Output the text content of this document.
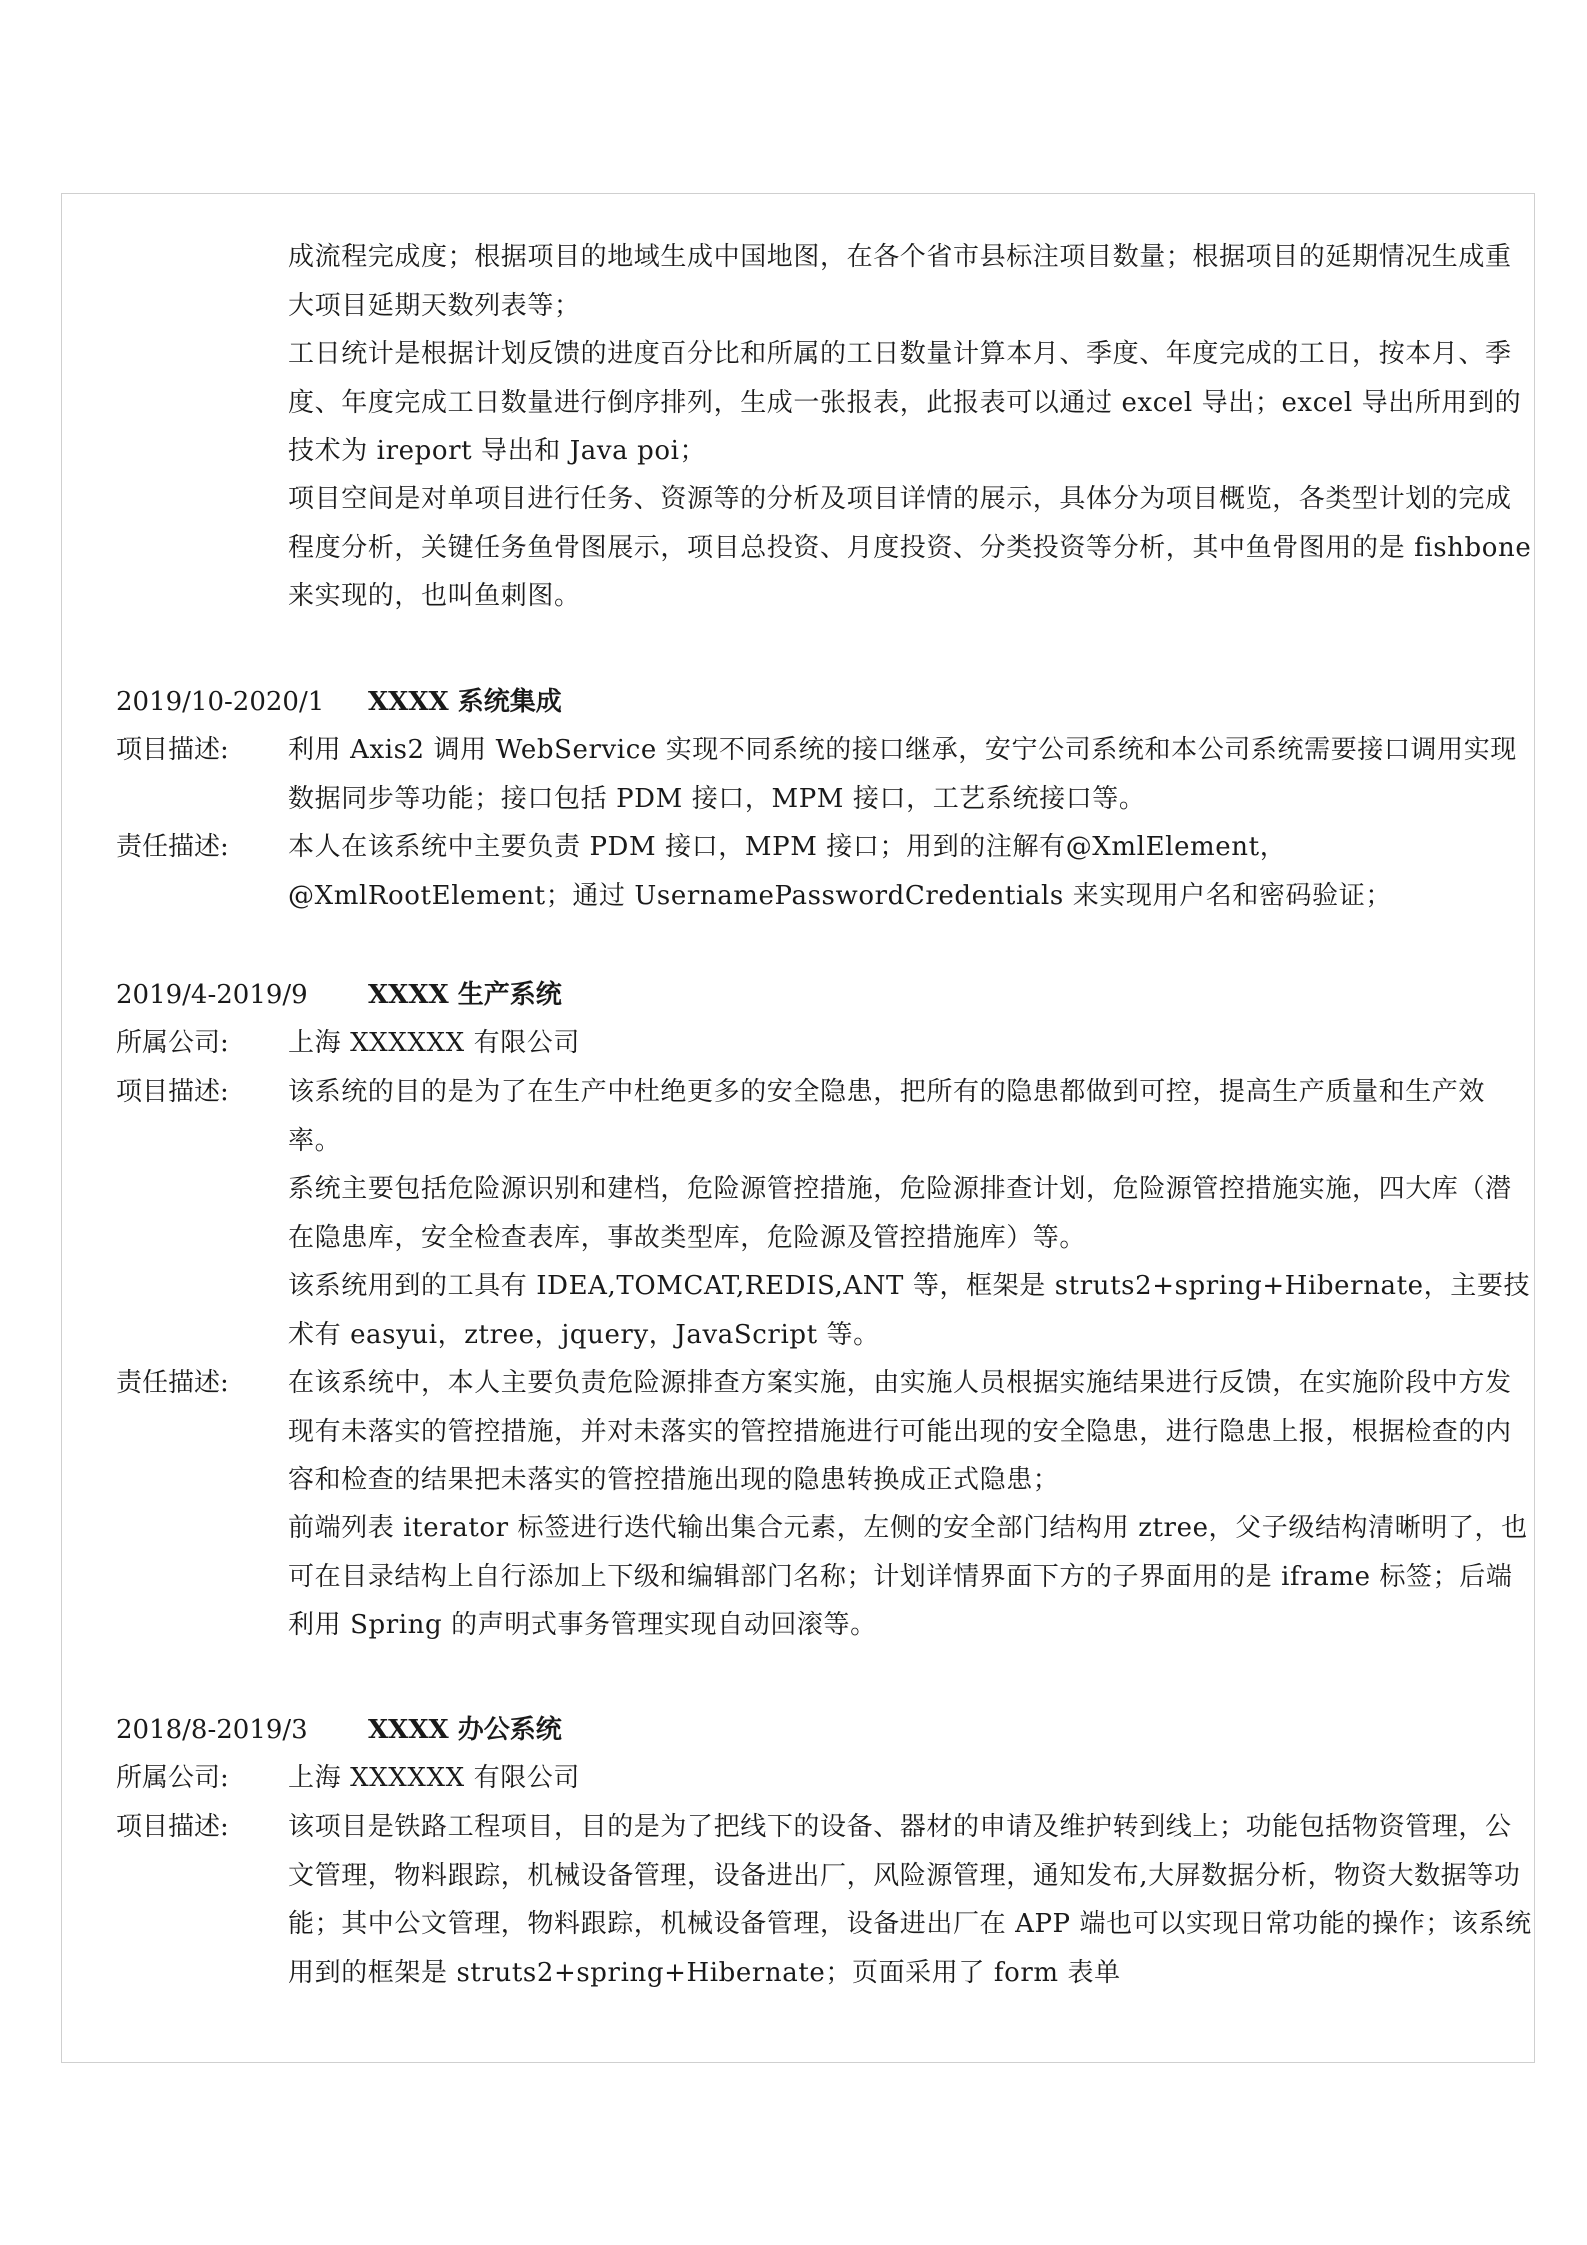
成流程完成度；根据项目的地域生成中国地图，在各个省市县标注项目数量；根据项目的延期情况生成重大项目延期天数列表等；
工日统计是根据计划反馈的进度百分比和所属的工日数量计算本月、季度、年度完成的工日，按本月、季度、年度完成工日数量进行倒序排列，生成一张报表，此报表可以通过 excel 导出；excel 导出所用到的技术为 ireport 导出和 Java poi；
项目空间是对单项目进行任务、资源等的分析及项目详情的展示，具体分为项目概览，各类型计划的完成程度分析，关键任务鱼骨图展示，项目总投资、月度投资、分类投资等分析，其中鱼骨图用的是 fishbone 来实现的，也叫鱼刺图。
2019/10-2020/1 XXXX 系统集成
项目描述: 利用 Axis2 调用 WebService 实现不同系统的接口继承，安宁公司系统和本公司系统需要接口调用实现数据同步等功能；接口包括 PDM 接口，MPM 接口，工艺系统接口等。
责任描述: 本人在该系统中主要负责 PDM 接口，MPM 接口；用到的注解有@XmlElement，@XmlRootElement；通过 UsernamePasswordCredentials 来实现用户名和密码验证；
2019/4-2019/9 XXXX 生产系统
所属公司: 上海 XXXXXX 有限公司
项目描述: 该系统的目的是为了在生产中杜绝更多的安全隐患，把所有的隐患都做到可控，提高生产质量和生产效率。
系统主要包括危险源识别和建档，危险源管控措施，危险源排查计划，危险源管控措施实施，四大库（潜在隐患库，安全检查表库，事故类型库，危险源及管控措施库）等。
该系统用到的工具有 IDEA,TOMCAT,REDIS,ANT 等，框架是 struts2+spring+Hibernate，主要技术有 easyui，ztree，jquery，JavaScript 等。
责任描述: 在该系统中，本人主要负责危险源排查方案实施，由实施人员根据实施结果进行反馈，在实施阶段中方发现有未落实的管控措施，并对未落实的管控措施进行可能出现的安全隐患，进行隐患上报，根据检查的内容和检查的结果把未落实的管控措施出现的隐患转换成正式隐患；
前端列表 iterator 标签进行迭代输出集合元素，左侧的安全部门结构用 ztree，父子级结构清晰明了，也可在目录结构上自行添加上下级和编辑部门名称；计划详情界面下方的子界面用的是 iframe 标签；后端利用 Spring 的声明式事务管理实现自动回滚等。
2018/8-2019/3 XXXX 办公系统
所属公司: 上海 XXXXXX 有限公司
项目描述: 该项目是铁路工程项目，目的是为了把线下的设备、器材的申请及维护转到线上；功能包括物资管理，公文管理，物料跟踪，机械设备管理，设备进出厂，风险源管理，通知发布,大屏数据分析，物资大数据等功能；其中公文管理，物料跟踪，机械设备管理，设备进出厂在 APP 端也可以实现日常功能的操作；该系统用到的框架是 struts2+spring+Hibernate；页面采用了 form 表单
